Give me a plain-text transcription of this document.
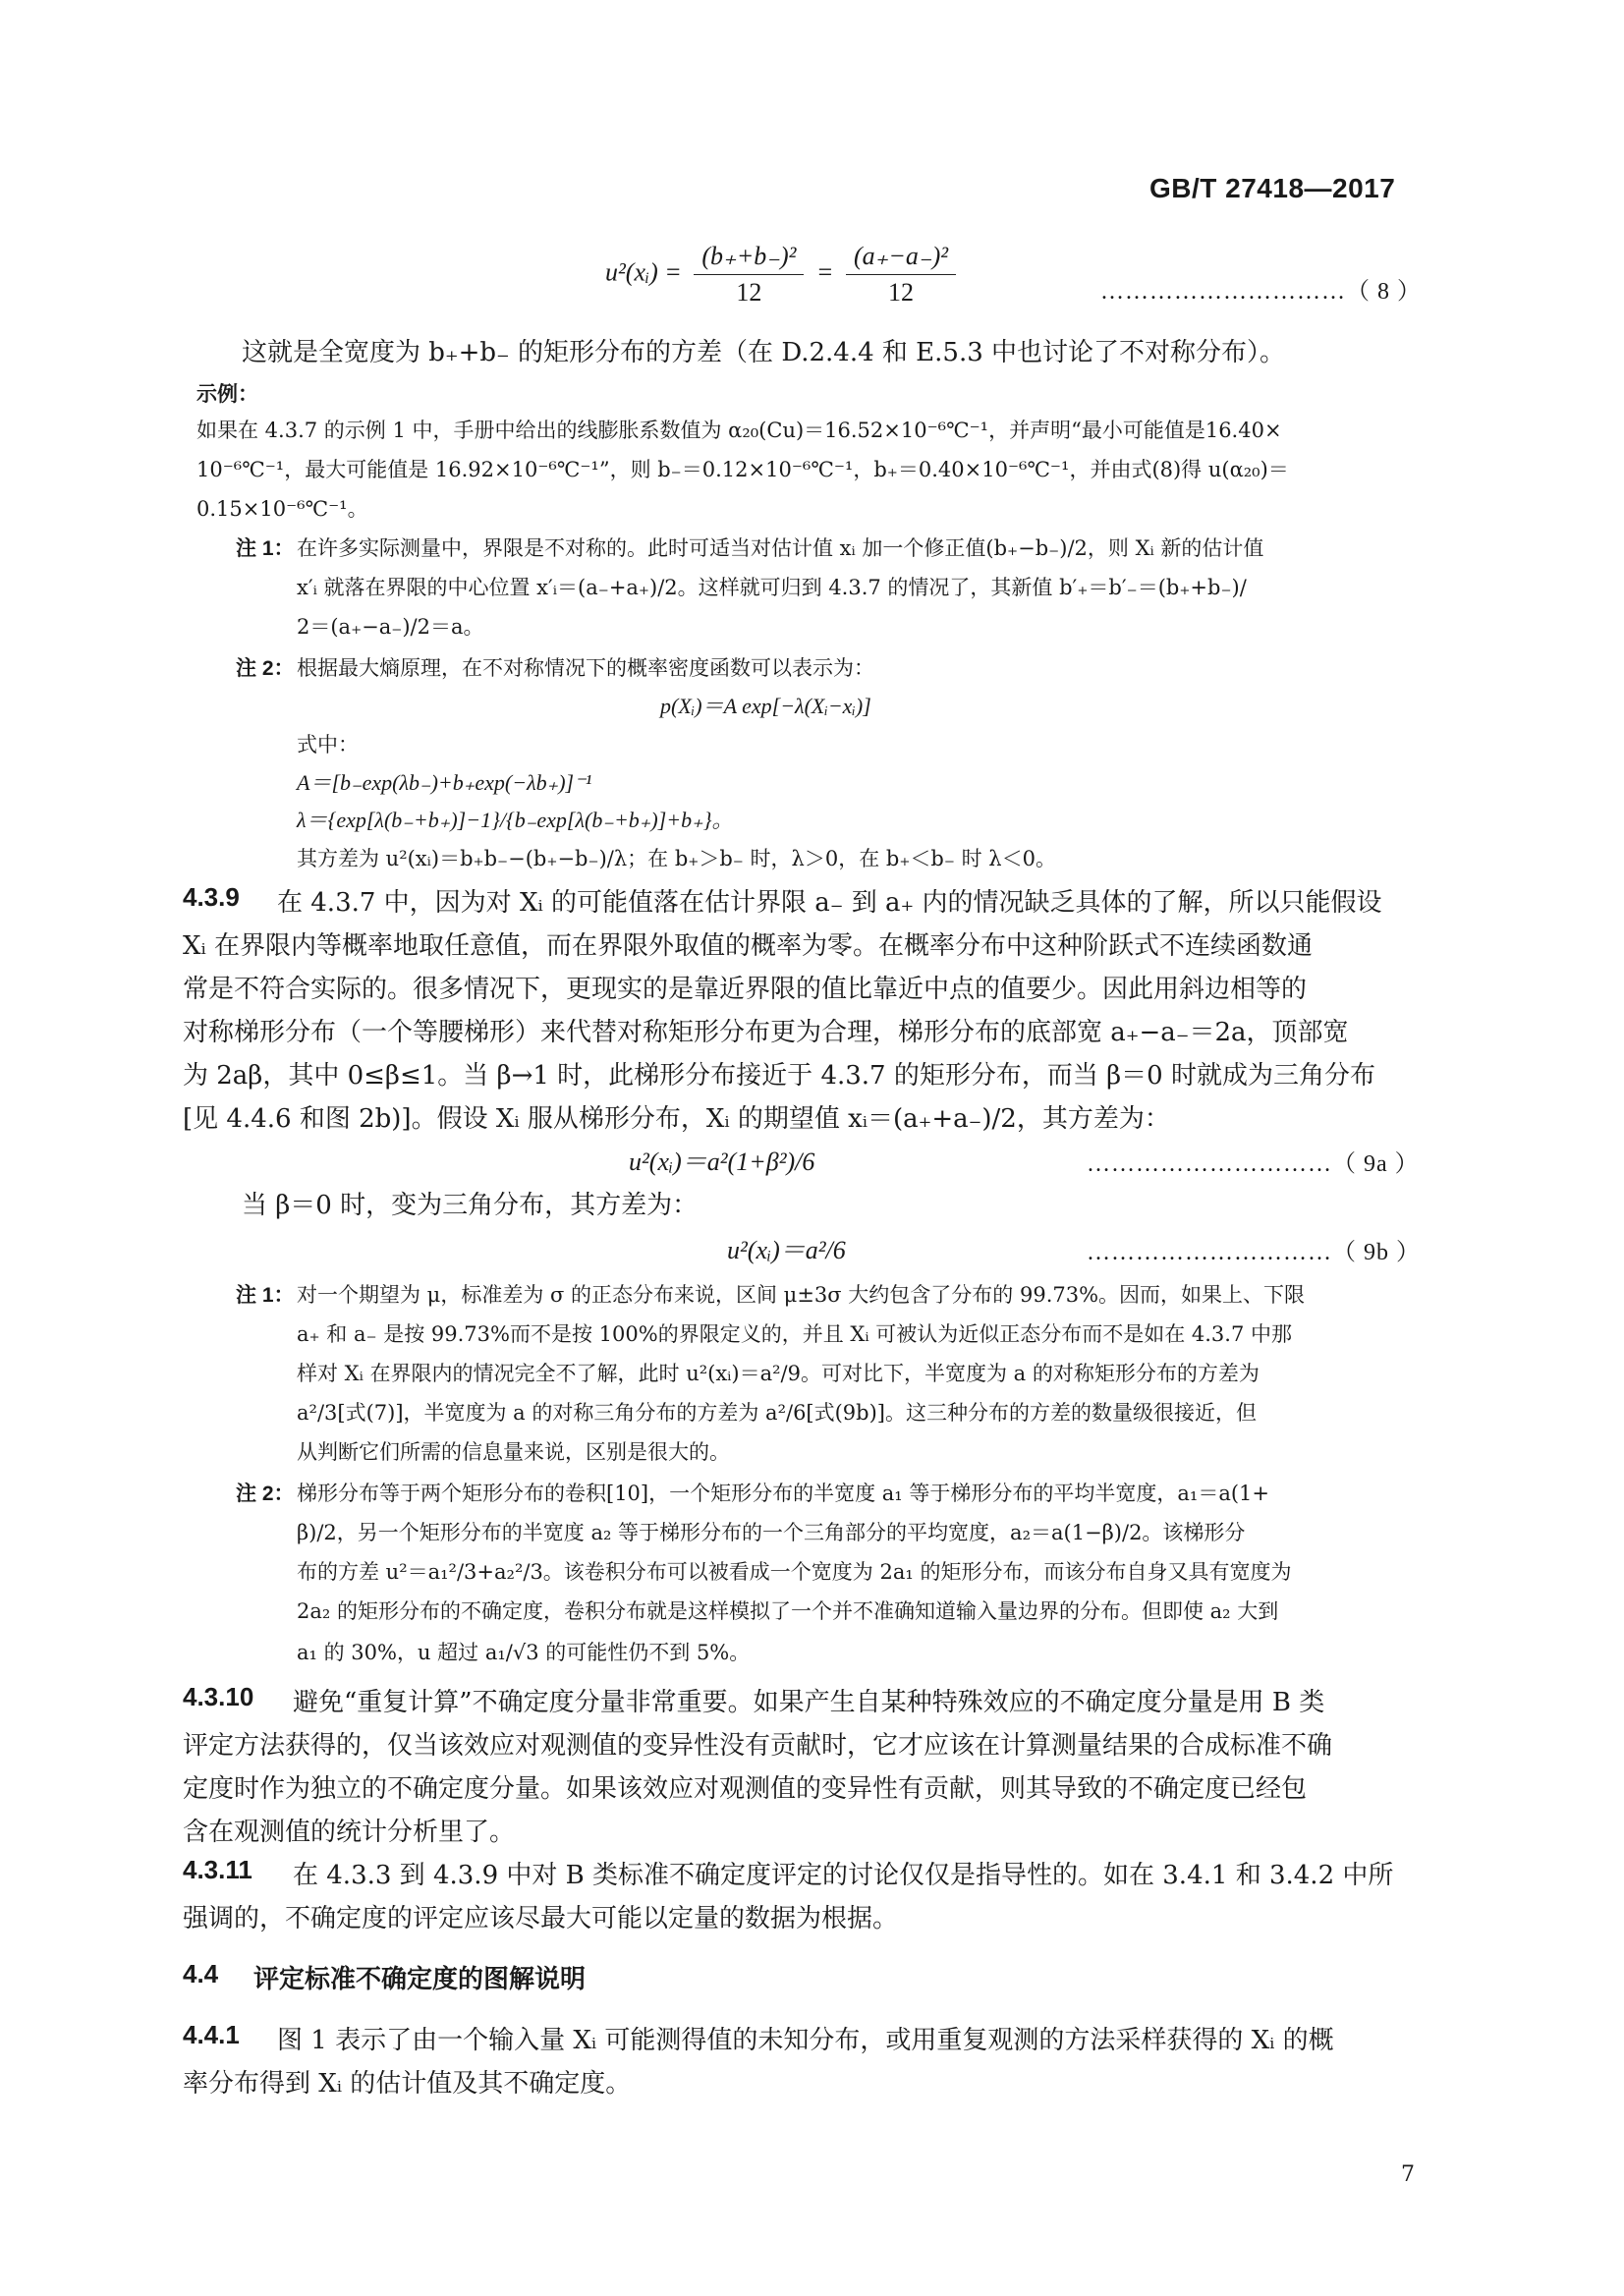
GB/T 27418—2017
u²(xᵢ) = $\frac{\text{(b₊+b₋)²}}{12} = \frac{\text{(a₊−a₋)²}}{12}$	…………………………（ 8 ）
这就是全宽度为 b₊+b₋ 的矩形分布的方差（在 D.2.4.4 和 E.5.3 中也讨论了不对称分布）。
示例：
如果在 4.3.7 的示例 1 中，手册中给出的线膨胀系数值为 α₂₀(Cu)＝16.52×10⁻⁶℃⁻¹，并声明“最小可能值是16.40×
10⁻⁶℃⁻¹，最大可能值是 16.92×10⁻⁶℃⁻¹”，则 b₋＝0.12×10⁻⁶℃⁻¹，b₊＝0.40×10⁻⁶℃⁻¹，并由式(8)得 u(α₂₀)＝
0.15×10⁻⁶℃⁻¹。
注 1： 在许多实际测量中，界限是不对称的。此时可适当对估计值 xᵢ 加一个修正值(b₊−b₋)/2，则 Xᵢ 新的估计值
x′ᵢ 就落在界限的中心位置 x′ᵢ＝(a₋+a₊)/2。这样就可归到 4.3.7 的情况了，其新值 b′₊＝b′₋＝(b₊+b₋)/
2＝(a₊−a₋)/2＝a。
注 2： 根据最大熵原理，在不对称情况下的概率密度函数可以表示为：
p(Xᵢ)＝A exp[−λ(Xᵢ−xᵢ)]
式中：
A＝[b₋exp(λb₋)+b₊exp(−λb₊)]⁻¹
λ＝{exp[λ(b₋+b₊)]−1}/{b₋exp[λ(b₋+b₊)]+b₊}。
其方差为 u²(xᵢ)＝b₊b₋−(b₊−b₋)/λ；在 b₊＞b₋ 时，λ＞0，在 b₊＜b₋ 时 λ＜0。
4.3.9 在 4.3.7 中，因为对 Xᵢ 的可能值落在估计界限 a₋ 到 a₊ 内的情况缺乏具体的了解，所以只能假设
Xᵢ 在界限内等概率地取任意值，而在界限外取值的概率为零。在概率分布中这种阶跃式不连续函数通
常是不符合实际的。很多情况下，更现实的是靠近界限的值比靠近中点的值要少。因此用斜边相等的
对称梯形分布（一个等腰梯形）来代替对称矩形分布更为合理，梯形分布的底部宽 a₊−a₋＝2a，顶部宽
为 2aβ，其中 0≤β≤1。当 β→1 时，此梯形分布接近于 4.3.7 的矩形分布，而当 β＝0 时就成为三角分布
[见 4.4.6 和图 2b)]。假设 Xᵢ 服从梯形分布，Xᵢ 的期望值 xᵢ＝(a₊+a₋)/2，其方差为：
u²(xᵢ)＝a²(1+β²)/6	…………………………（ 9a ）
当 β＝0 时，变为三角分布，其方差为：
u²(xᵢ)＝a²/6	…………………………（ 9b ）
注 1： 对一个期望为 μ，标准差为 σ 的正态分布来说，区间 μ±3σ 大约包含了分布的 99.73%。因而，如果上、下限
a₊ 和 a₋ 是按 99.73%而不是按 100%的界限定义的，并且 Xᵢ 可被认为近似正态分布而不是如在 4.3.7 中那
样对 Xᵢ 在界限内的情况完全不了解，此时 u²(xᵢ)＝a²/9。可对比下，半宽度为 a 的对称矩形分布的方差为
a²/3[式(7)]，半宽度为 a 的对称三角分布的方差为 a²/6[式(9b)]。这三种分布的方差的数量级很接近，但
从判断它们所需的信息量来说，区别是很大的。
注 2： 梯形分布等于两个矩形分布的卷积[10]，一个矩形分布的半宽度 a₁ 等于梯形分布的平均半宽度，a₁＝a(1+
β)/2，另一个矩形分布的半宽度 a₂ 等于梯形分布的一个三角部分的平均宽度，a₂＝a(1−β)/2。该梯形分
布的方差 u²＝a₁²/3+a₂²/3。该卷积分布可以被看成一个宽度为 2a₁ 的矩形分布，而该分布自身又具有宽度为
2a₂ 的矩形分布的不确定度，卷积分布就是这样模拟了一个并不准确知道输入量边界的分布。但即使 a₂ 大到
a₁ 的 30%，u 超过 a₁/√3 的可能性仍不到 5%。
4.3.10 避免“重复计算”不确定度分量非常重要。如果产生自某种特殊效应的不确定度分量是用 B 类
评定方法获得的，仅当该效应对观测值的变异性没有贡献时，它才应该在计算测量结果的合成标准不确
定度时作为独立的不确定度分量。如果该效应对观测值的变异性有贡献，则其导致的不确定度已经包
含在观测值的统计分析里了。
4.3.11 在 4.3.3 到 4.3.9 中对 B 类标准不确定度评定的讨论仅仅是指导性的。如在 3.4.1 和 3.4.2 中所
强调的，不确定度的评定应该尽最大可能以定量的数据为根据。
4.4 评定标准不确定度的图解说明
4.4.1 图 1 表示了由一个输入量 Xᵢ 可能测得值的未知分布，或用重复观测的方法采样获得的 Xᵢ 的概
率分布得到 Xᵢ 的估计值及其不确定度。
7
